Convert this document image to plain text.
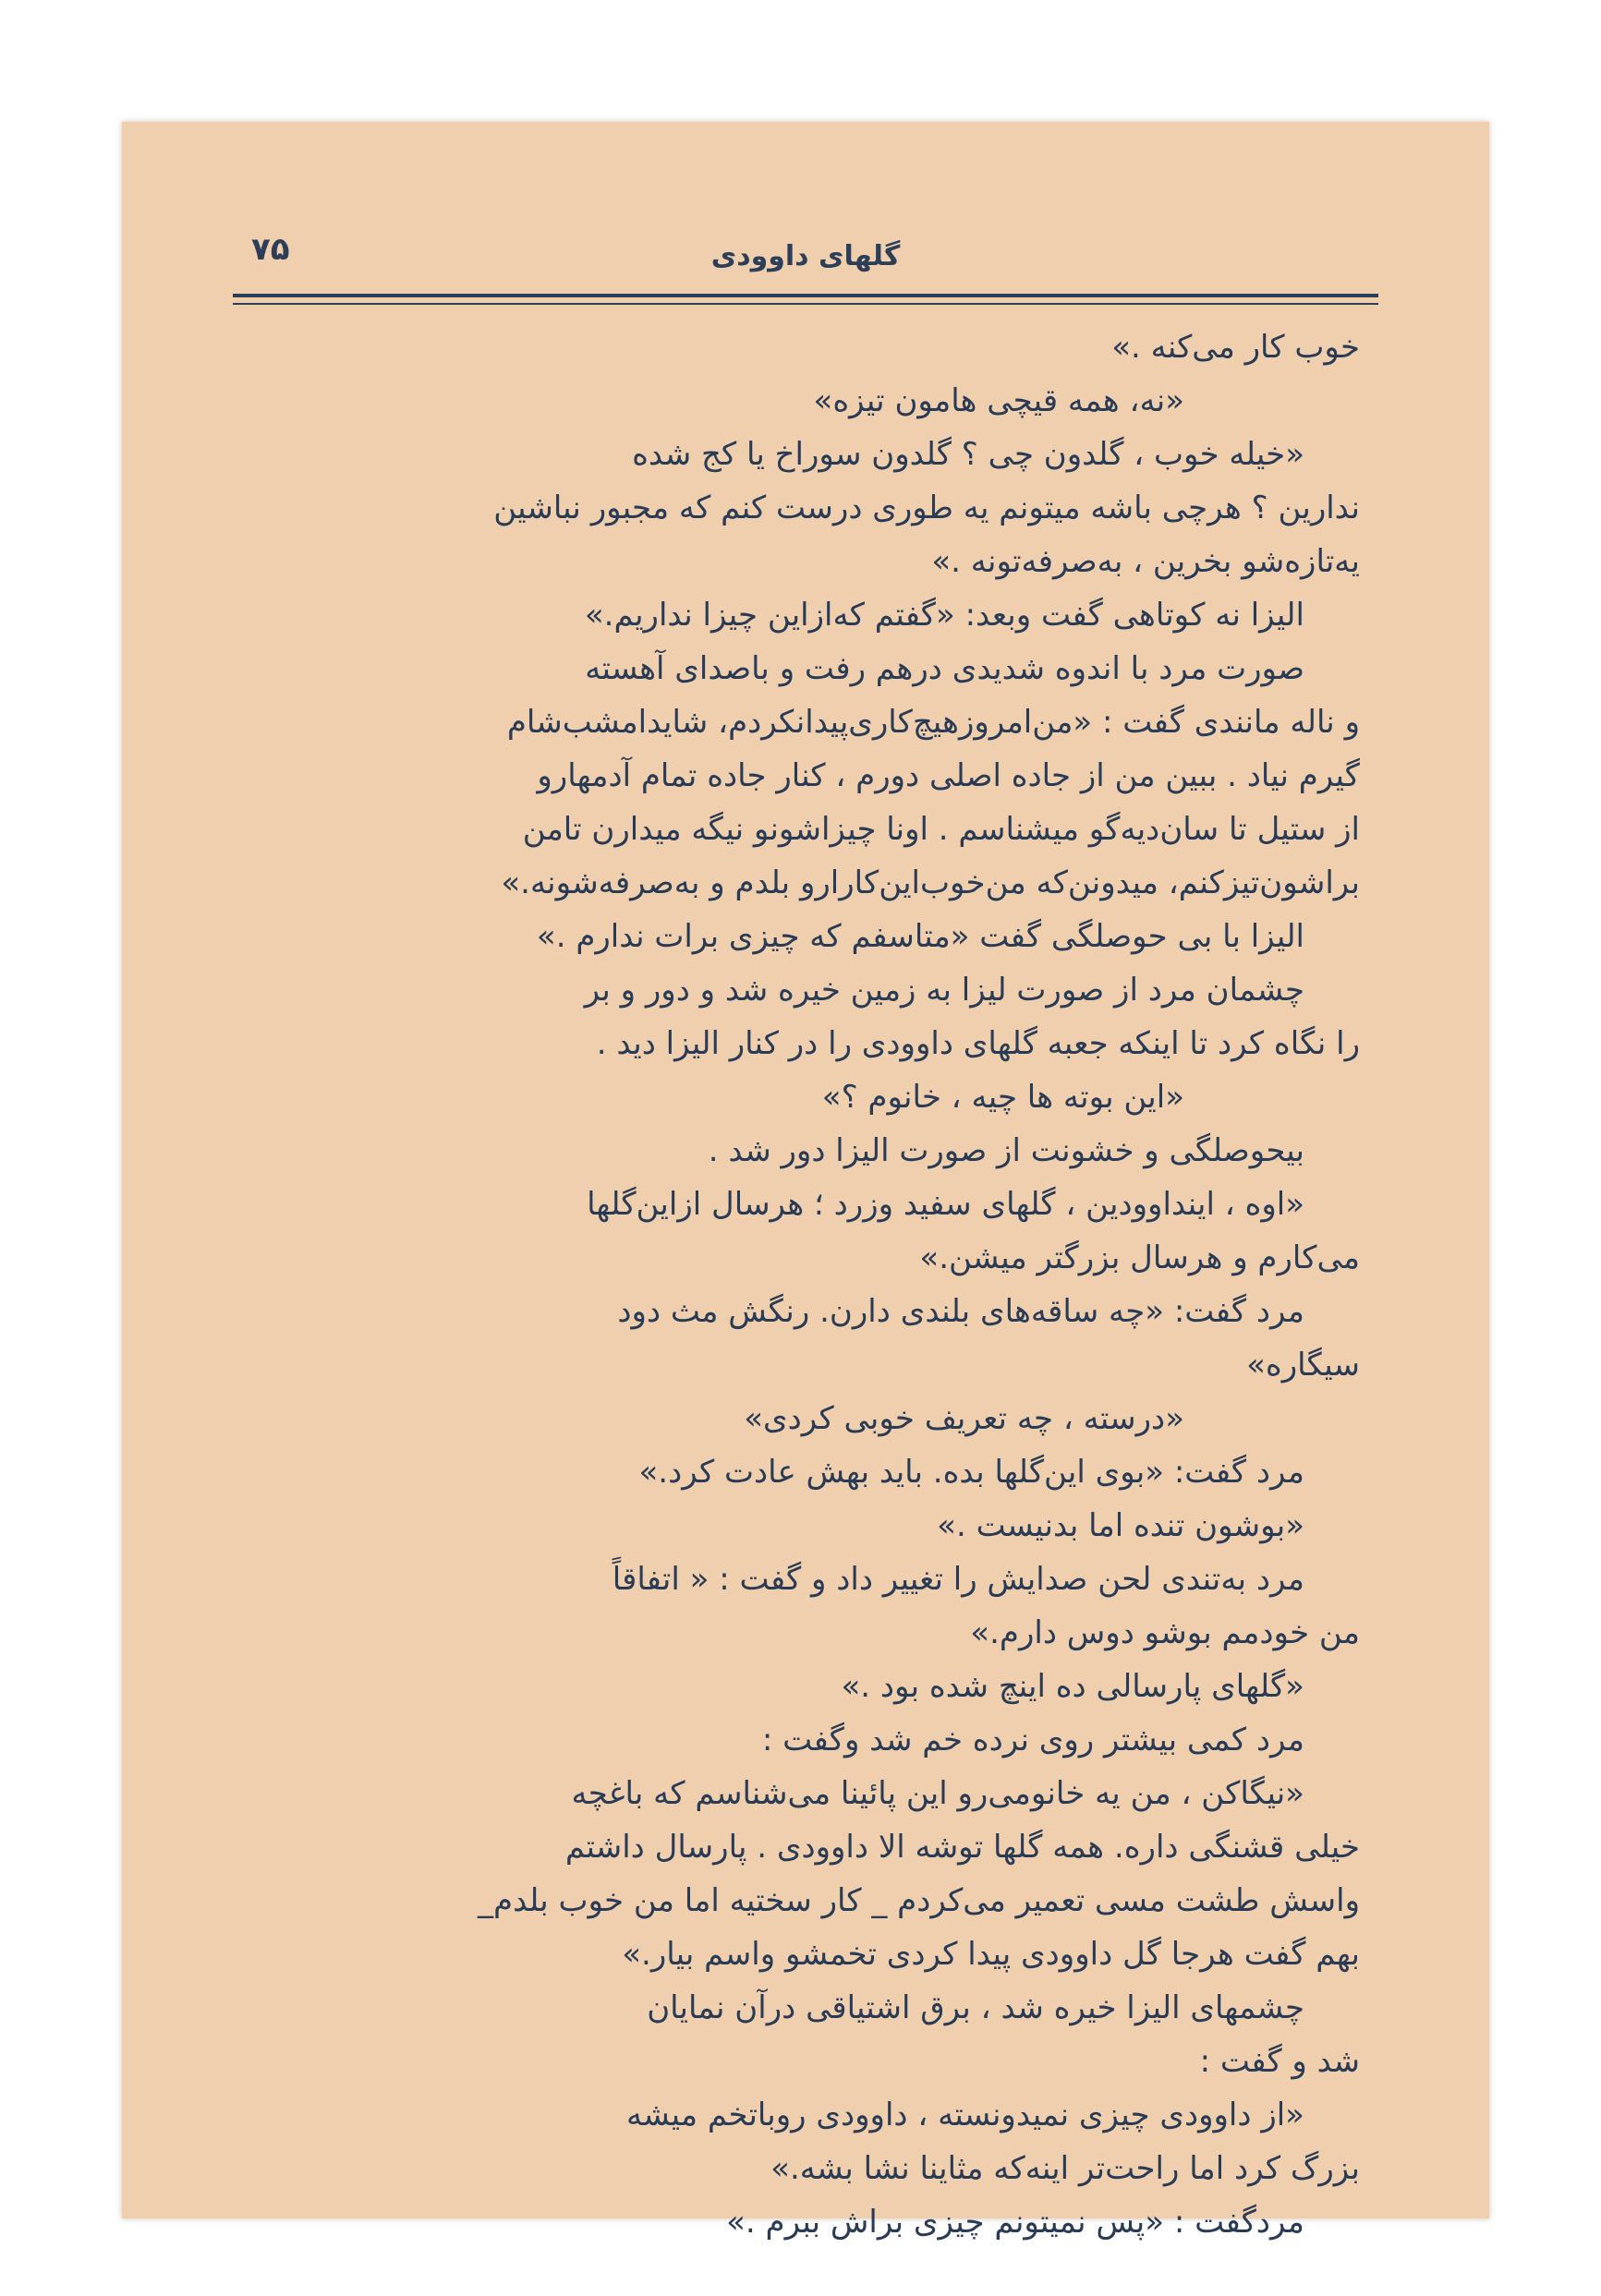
۷۵	گلهای داوودی
خوب کار می‌کنه .»
«نه، همه قیچی هامون تیزه»
«خیله خوب ، گلدون چی ؟ گلدون سوراخ یا کج شده
ندارین ؟ هرچی باشه میتونم یه طوری درست کنم که مجبور نباشین
یه‌تازه‌شو بخرین ، به‌صرفه‌تونه .»
الیزا نه کوتاهی گفت وبعد: «گفتم که‌ازاین چیزا نداریم.»
صورت مرد با اندوه شدیدی درهم رفت و باصدای آهسته
و ناله مانندی گفت : «من‌امروزهیچ‌کاری‌پیدانکردم، شایدامشب‌شام
گیرم نیاد . ببین من از جاده اصلی دورم ، کنار جاده تمام آدمهارو
از ستیل تا سان‌دیه‌گو میشناسم . اونا چیزاشونو نیگه میدارن تامن
براشون‌تیزکنم، میدونن‌که من‌خوب‌این‌کارارو بلدم و به‌صرفه‌شونه.»
الیزا با بی حوصلگی گفت «متاسفم که چیزی برات ندارم .»
چشمان مرد از صورت لیزا به زمین خیره شد و دور و بر
را نگاه کرد تا اینکه جعبه گلهای داوودی را در کنار الیزا دید .
«این بوته ها چیه ، خانوم ؟»
بیحوصلگی و خشونت از صورت الیزا دور شد .
«اوه ، اینداوودین ، گلهای سفید وزرد ؛ هرسال ازاین‌گلها
می‌کارم و هرسال بزرگتر میشن.»
مرد گفت: «چه ساقه‌های بلندی دارن. رنگش مث دود
سیگاره»
«درسته ، چه تعریف خوبی کردی»
مرد گفت: «بوی این‌گلها بده. باید بهش عادت کرد.»
«بوشون تنده اما بدنیست .»
مرد به‌تندی لحن صدایش را تغییر داد و گفت : « اتفاقاً
من خودمم بوشو دوس دارم.»
«گلهای پارسالی ده اینچ شده بود .»
مرد کمی بیشتر روی نرده خم شد وگفت :
«نیگاکن ، من یه خانومی‌رو این پائینا می‌شناسم که باغچه
خیلی قشنگی داره. همه گلها توشه الا داوودی . پارسال داشتم
واسش طشت مسی تعمیر می‌کردم _ کار سختیه اما من خوب بلدم_
بهم گفت هرجا گل داوودی پیدا کردی تخمشو واسم بیار.»
چشمهای الیزا خیره شد ، برق اشتیاقی درآن نمایان
شد و گفت :
«از داوودی چیزی نمیدونسته ، داوودی روباتخم میشه
بزرگ کرد اما راحت‌تر اینه‌که مثاینا نشا بشه.»
مردگفت : «پس نمیتونم چیزی براش ببرم .»
